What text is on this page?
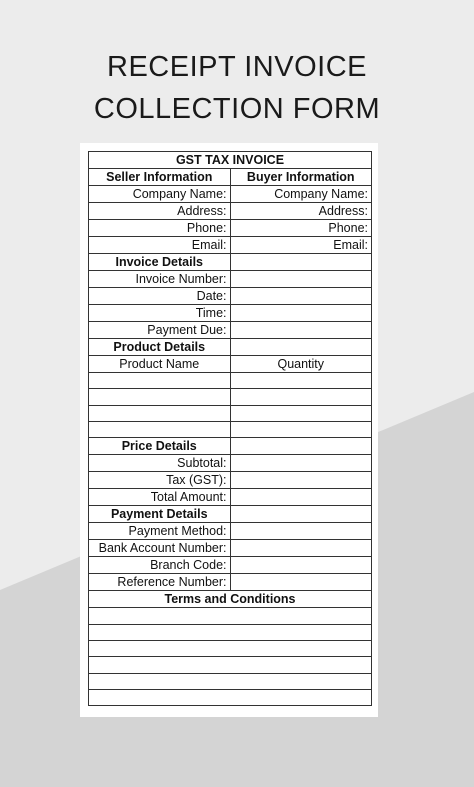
RECEIPT INVOICE
COLLECTION FORM
GST TAX INVOICE	
Seller Information	Buyer Information
Company Name:	Company Name:
Address:	Address:
Phone:	Phone:
Email:	Email:
Invoice Details	
Invoice Number:	
Date:	
Time:	
Payment Due:	
Product Details	
Product Name	Quantity

Price Details	
Subtotal:	
Tax (GST):	
Total Amount:	
Payment Details	
Payment Method:	
Bank Account Number:	
Branch Code:	
Reference Number:	
Terms and Conditions	
